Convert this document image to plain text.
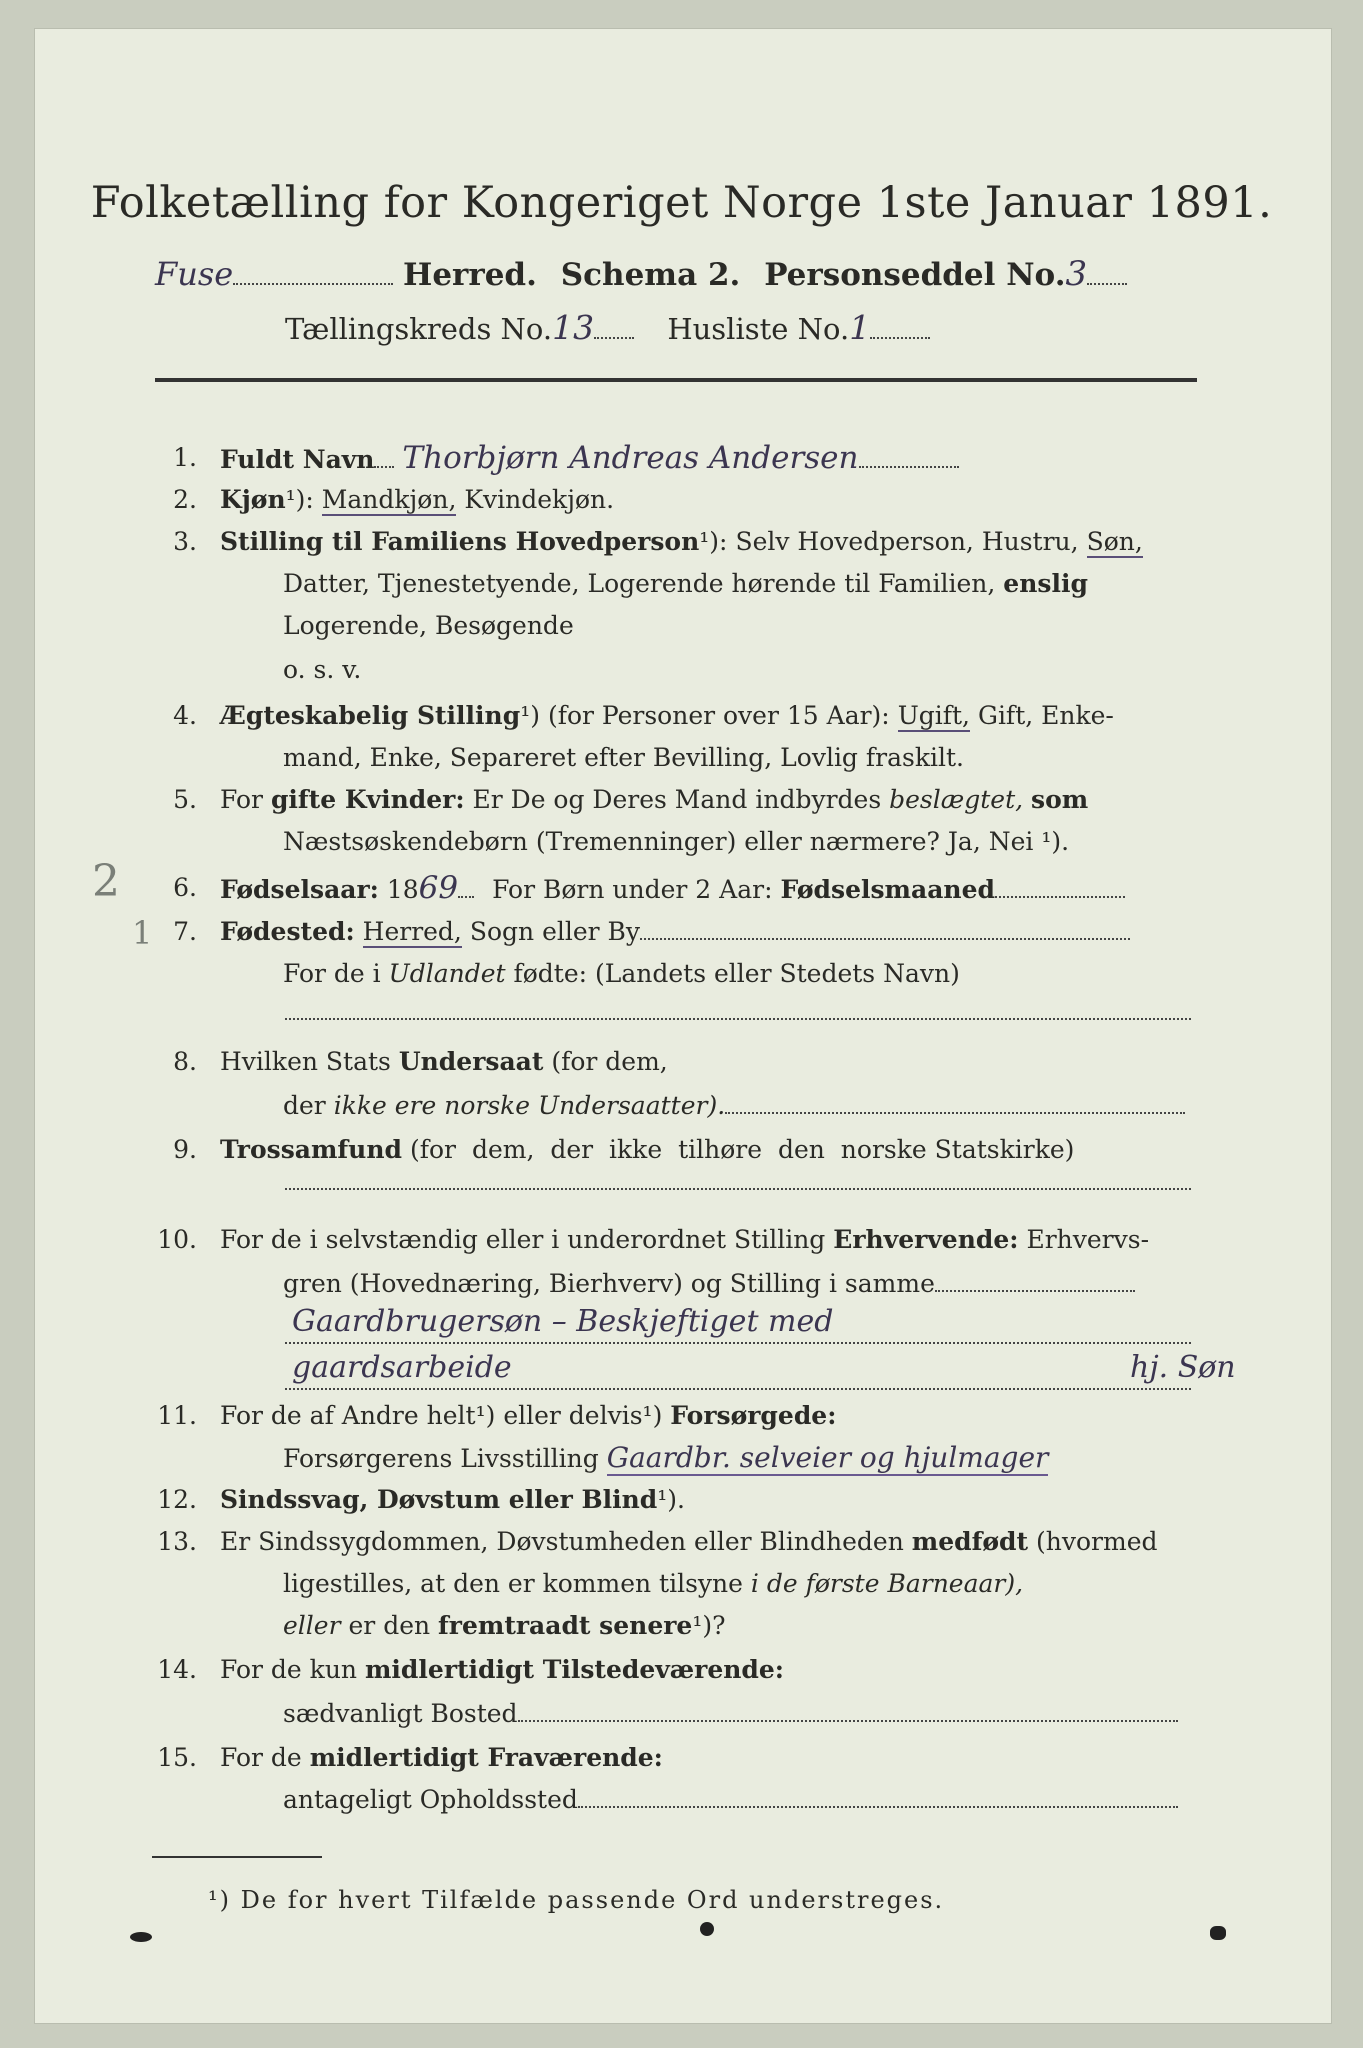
Folketælling for Kongeriget Norge 1ste Januar 1891.
Fuse	Herred. Schema 2. Personseddel No.3
Tællingskreds No.13	Husliste No.1
1. Fuldt Navn Thorbjørn Andreas Andersen
2. Kjøn¹): Mandkjøn, Kvindekjøn.
3. Stilling til Familiens Hovedperson¹): Selv Hovedperson, Hustru, Søn,
Datter, Tjenestetyende, Logerende hørende til Familien, enslig
Logerende, Besøgende
o. s. v.
4. Ægteskabelig Stilling¹) (for Personer over 15 Aar): Ugift, Gift, Enke-
mand, Enke, Separeret efter Bevilling, Lovlig fraskilt.
5. For gifte Kvinder: Er De og Deres Mand indbyrdes beslægtet, som
Næstsøskendebørn (Tremenninger) eller nærmere? Ja, Nei ¹).
2	6. Fødselsaar: 1869 For Børn under 2 Aar: Fødselsmaaned
1 7. Fødested: Herred, Sogn eller By
For de i Udlandet fødte: (Landets eller Stedets Navn)
8. Hvilken Stats Undersaat (for dem,
der ikke ere norske Undersaatter).
9. Trossamfund (for dem, der ikke tilhøre den norske Statskirke)
10. For de i selvstændig eller i underordnet Stilling Erhvervende: Erhvervs-
gren (Hovednæring, Bierhverv) og Stilling i samme
Gaardbrugersøn – Beskjeftiget med
gaardsarbeide	hj. Søn
11. For de af Andre helt¹) eller delvis¹) Forsørgede:
Forsørgerens Livsstilling Gaardbr. selveier og hjulmager
12. Sindssvag, Døvstum eller Blind¹).
13. Er Sindssygdommen, Døvstumheden eller Blindheden medfødt (hvormed
ligestilles, at den er kommen tilsyne i de første Barneaar),
eller er den fremtraadt senere¹)?
14. For de kun midlertidigt Tilstedeværende:
sædvanligt Bosted
15. For de midlertidigt Fraværende:
antageligt Opholdssted
¹) De for hvert Tilfælde passende Ord understreges.
